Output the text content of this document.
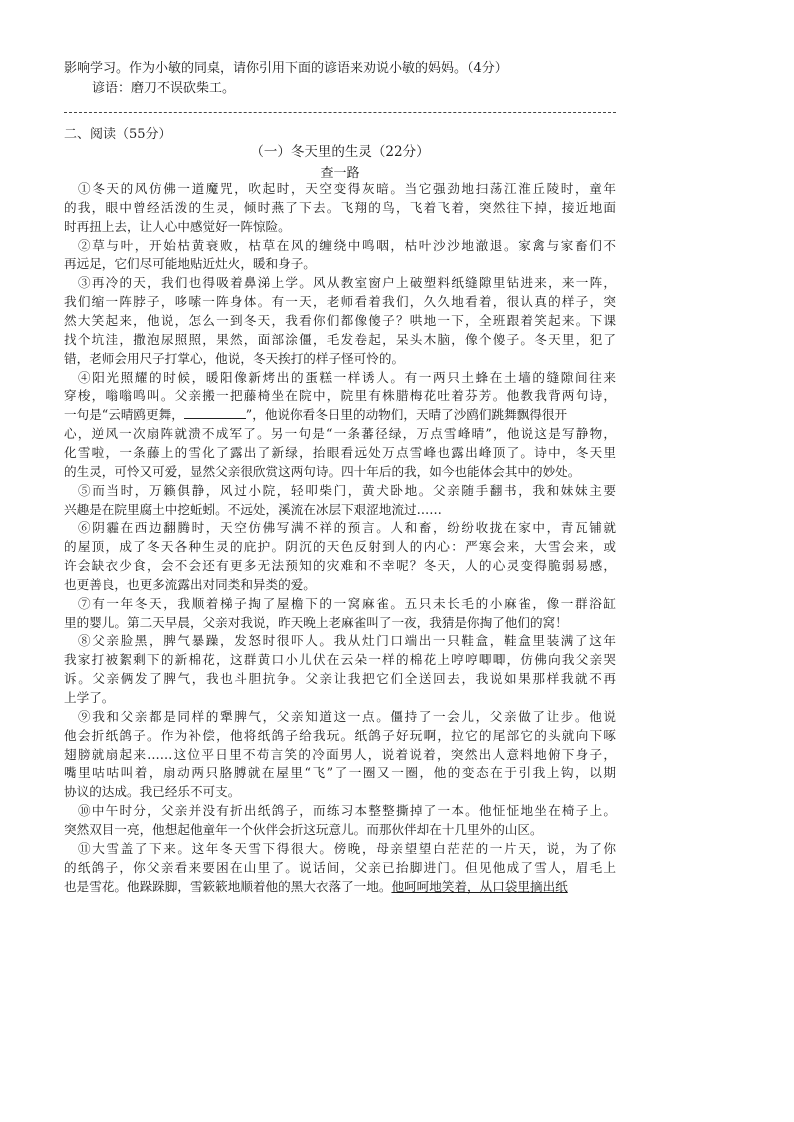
影响学习。作为小敏的同桌，请你引用下面的谚语来劝说小敏的妈妈。（4分）
谚语：磨刀不误砍柴工。
二、阅读（55分）
（一）冬天里的生灵（22分）
查一路
①冬天的风仿佛一道魔咒，吹起时，天空变得灰暗。当它强劲地扫荡江淮丘陵时，童年
的我，眼中曾经活泼的生灵，倾时燕了下去。飞翔的鸟，飞着飞着，突然往下掉，接近地面
时再扭上去，让人心中感觉好一阵惊险。
②草与叶，开始枯黄衰败，枯草在风的缠绕中鸣咽，枯叶沙沙地澈退。家禽与家畜们不
再远足，它们尽可能地贴近灶火，暖和身子。
③再冷的天，我们也得吸着鼻涕上学。风从教室窗户上破塑料纸缝隙里钻进来，来一阵，
我们缩一阵脖子，哆嗦一阵身体。有一天，老师看着我们，久久地看着，很认真的样子，突
然大笑起来，他说，怎么一到冬天，我看你们都像傻子？哄地一下，全班跟着笑起来。下课
找个坑洼，撒泡尿照照，果然，面部涂僵，毛发卷起，呆头木脑，像个傻子。冬天里，犯了
错，老师会用尺子打掌心，他说，冬天挨打的样子怪可怜的。
④阳光照耀的时候，暖阳像新烤出的蛋糕一样诱人。有一两只土蜂在土墙的缝隙间往来
穿梭，嗡嗡鸣叫。父亲搬一把藤椅坐在院中，院里有株腊梅花吐着芬芳。他教我背两句诗，
一句是“云晴鸥更舞，	”，他说你看冬日里的动物们，天晴了沙鸥们跳舞飘得很开
心，逆风一次扇阵就溃不成军了。另一句是“一条蕃径绿，万点雪峰晴”，他说这是写静物，
化雪啦，一条藤上的雪化了露出了新绿，抬眼看远处万点雪峰也露出峰顶了。诗中，冬天里
的生灵，可怜又可爱，显然父亲很欣赏这两句诗。四十年后的我，如今也能体会其中的妙处。
⑤而当时，万籁俱静，风过小院，轻叩柴门，黄犬卧地。父亲随手翻书，我和妹妹主要
兴趣是在院里腐土中挖蚯蚓。不远处，溪流在冰层下艰涩地流过……
⑥阴霾在西边翻腾时，天空仿佛写满不祥的预言。人和畜，纷纷收拢在家中，青瓦铺就
的屋顶，成了冬天各种生灵的庇护。阴沉的天色反射到人的内心：严寒会来，大雪会来，或
许会缺衣少食，会不会还有更多无法预知的灾难和不幸呢？冬天，人的心灵变得脆弱易感，
也更善良，也更多流露出对同类和异类的爱。
⑦有一年冬天，我顺着梯子掏了屋檐下的一窝麻雀。五只未长毛的小麻雀，像一群浴缸
里的婴儿。第二天早晨，父亲对我说，昨天晚上老麻雀叫了一夜，我猜是你掏了他们的窝！
⑧父亲脸黑，脾气暴躁，发怒时很吓人。我从灶门口端出一只鞋盒，鞋盒里装满了这年
我家打被絮剩下的新棉花，这群黄口小儿伏在云朵一样的棉花上哼哼唧唧，仿佛向我父亲哭
诉。父亲俩发了脾气，我也斗胆抗争。父亲让我把它们全送回去，我说如果那样我就不再
上学了。
⑨我和父亲都是同样的犟脾气，父亲知道这一点。僵持了一会儿，父亲做了让步。他说
他会折纸鸽子。作为补偿，他将纸鸽子给我玩。纸鸽子好玩啊，拉它的尾部它的头就向下啄
翅膀就扇起来……这位平日里不苟言笑的冷面男人，说着说着，突然出人意料地俯下身子，
嘴里咕咕叫着，扇动两只胳膊就在屋里“飞”了一圈又一圈，他的变态在于引我上钩，以期
协议的达成。我已经乐不可支。
⑩中午时分，父亲并没有折出纸鸽子，而练习本整整撕掉了一本。他怔怔地坐在椅子上。
突然双目一亮，他想起他童年一个伙伴会折这玩意儿。而那伙伴却在十几里外的山区。
⑪大雪盖了下来。这年冬天雪下得很大。傍晚，母亲望望白茫茫的一片天，说，为了你
的纸鸽子，你父亲看来要困在山里了。说话间，父亲已抬脚进门。但见他成了雪人，眉毛上
也是雪花。他跺跺脚，雪簌簌地顺着他的黑大衣落了一地。他呵呵地笑着，从口袋里摘出纸
